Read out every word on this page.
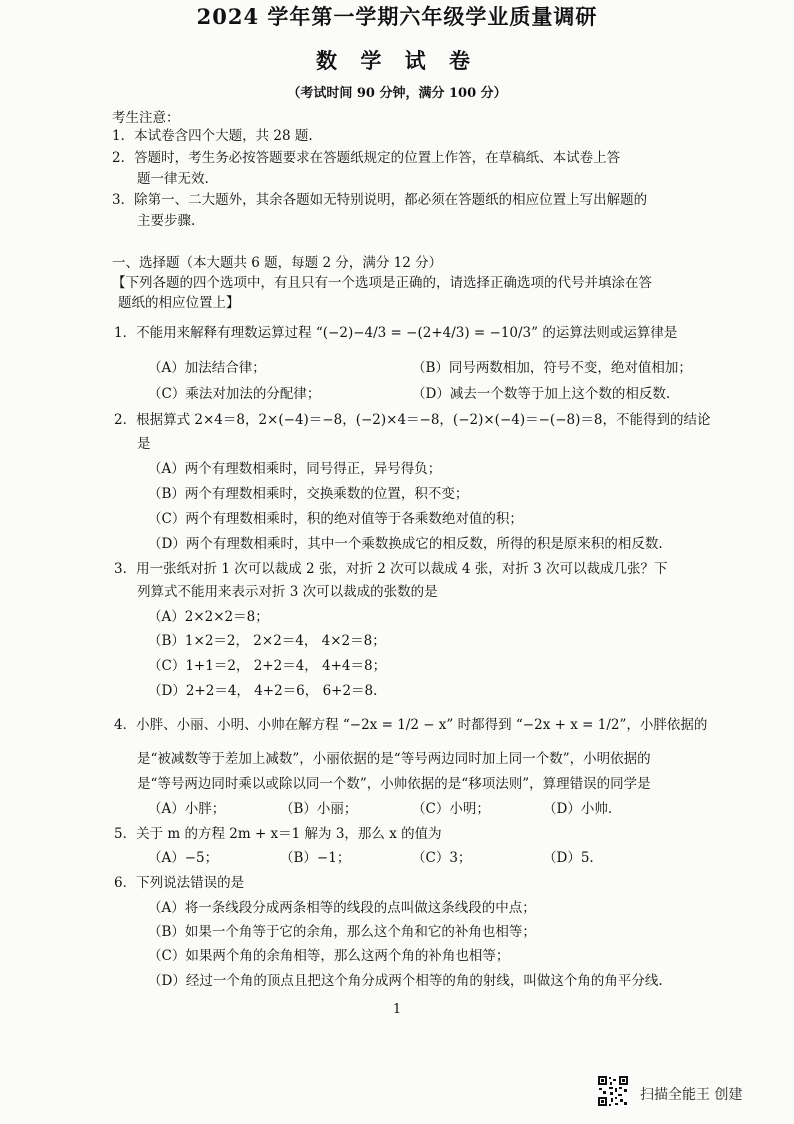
2024 学年第一学期六年级学业质量调研
数 学 试 卷
（考试时间 90 分钟，满分 100 分）
考生注意：
1．本试卷含四个大题，共 28 题.
2．答题时，考生务必按答题要求在答题纸规定的位置上作答，在草稿纸、本试卷上答
题一律无效.
3．除第一、二大题外，其余各题如无特别说明，都必须在答题纸的相应位置上写出解题的
主要步骤.
一、选择题（本大题共 6 题，每题 2 分，满分 12 分）
【下列各题的四个选项中，有且只有一个选项是正确的，请选择正确选项的代号并填涂在答
题纸的相应位置上】
1．不能用来解释有理数运算过程 “(−2)−4/3 = −(2+4/3) = −10/3” 的运算法则或运算律是
（A）加法结合律；	（B）同号两数相加，符号不变，绝对值相加；
（C）乘法对加法的分配律；	（D）减去一个数等于加上这个数的相反数.
2．根据算式 2×4＝8，2×(−4)＝−8，(−2)×4＝−8，(−2)×(−4)＝−(−8)＝8，不能得到的结论
是
（A）两个有理数相乘时，同号得正，异号得负；
（B）两个有理数相乘时，交换乘数的位置，积不变；
（C）两个有理数相乘时，积的绝对值等于各乘数绝对值的积；
（D）两个有理数相乘时，其中一个乘数换成它的相反数，所得的积是原来积的相反数.
3．用一张纸对折 1 次可以裁成 2 张，对折 2 次可以裁成 4 张，对折 3 次可以裁成几张？下
列算式不能用来表示对折 3 次可以裁成的张数的是
（A）2×2×2＝8；
（B）1×2＝2， 2×2＝4， 4×2＝8；
（C）1+1＝2， 2+2＝4， 4+4＝8；
（D）2+2＝4， 4+2＝6， 6+2＝8.
4．小胖、小丽、小明、小帅在解方程 “−2x = 1/2 − x” 时都得到 “−2x + x = 1/2”，小胖依据的
是“被减数等于差加上减数”，小丽依据的是“等号两边同时加上同一个数”，小明依据的
是“等号两边同时乘以或除以同一个数”，小帅依据的是“移项法则”，算理错误的同学是
（A）小胖；	（B）小丽；	（C）小明；	（D）小帅.
5．关于 m 的方程 2m + x＝1 解为 3，那么 x 的值为
（A）−5；	（B）−1；	（C）3；	（D）5.
6．下列说法错误的是
（A）将一条线段分成两条相等的线段的点叫做这条线段的中点；
（B）如果一个角等于它的余角，那么这个角和它的补角也相等；
（C）如果两个角的余角相等，那么这两个角的补角也相等；
（D）经过一个角的顶点且把这个角分成两个相等的角的射线，叫做这个角的角平分线.
1
扫描全能王 创建
